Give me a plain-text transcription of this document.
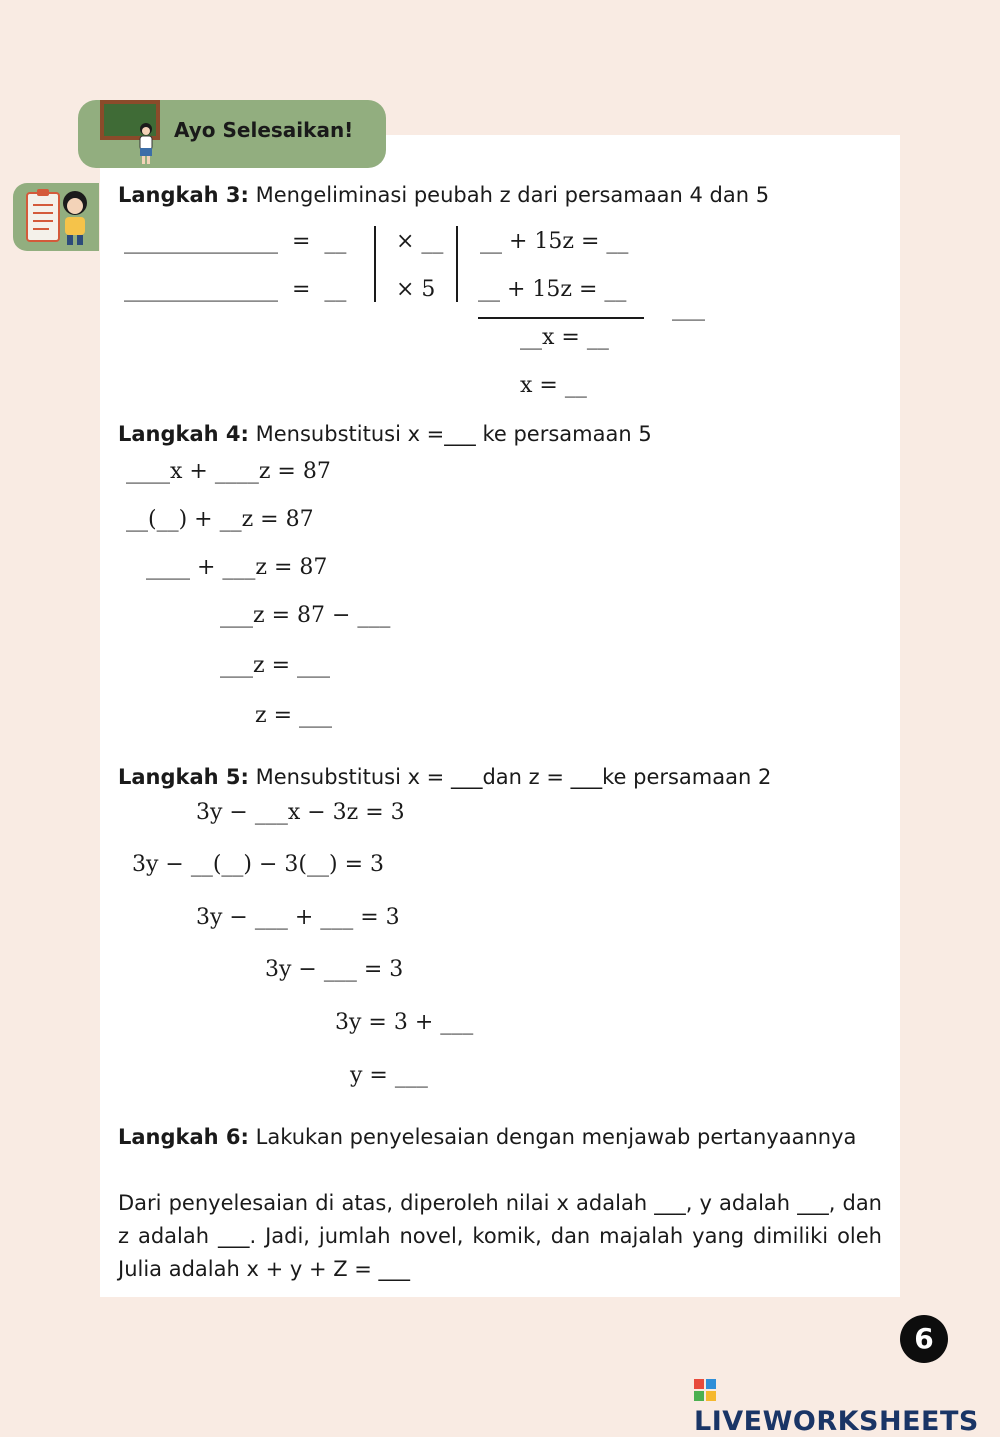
Ayo Selesaikan!
Langkah 3: Mengeliminasi peubah z dari persamaan 4 dan 5
______________  =  __
______________  =  __
× __
× 5
__ + 15z = __
__ + 15z = __
___
__x = __
x = __
Langkah 4: Mensubstitusi x =___ ke persamaan 5
____x + ____z = 87
__(__) + __z = 87
____ + ___z = 87
___z = 87 − ___
___z = ___
z = ___
Langkah 5: Mensubstitusi x = ___dan z = ___ke persamaan 2
3y − ___x − 3z = 3
3y − __(__) − 3(__) = 3
3y − ___ + ___ = 3
3y − ___ = 3
3y = 3 + ___
y = ___
Langkah 6: Lakukan penyelesaian dengan menjawab pertanyaannya
Dari penyelesaian di atas, diperoleh nilai x adalah ___, y adalah ___, dan z adalah ___. Jadi, jumlah novel, komik, dan majalah yang dimiliki oleh Julia adalah x + y + Z = ___
6
LIVEWORKSHEETS
